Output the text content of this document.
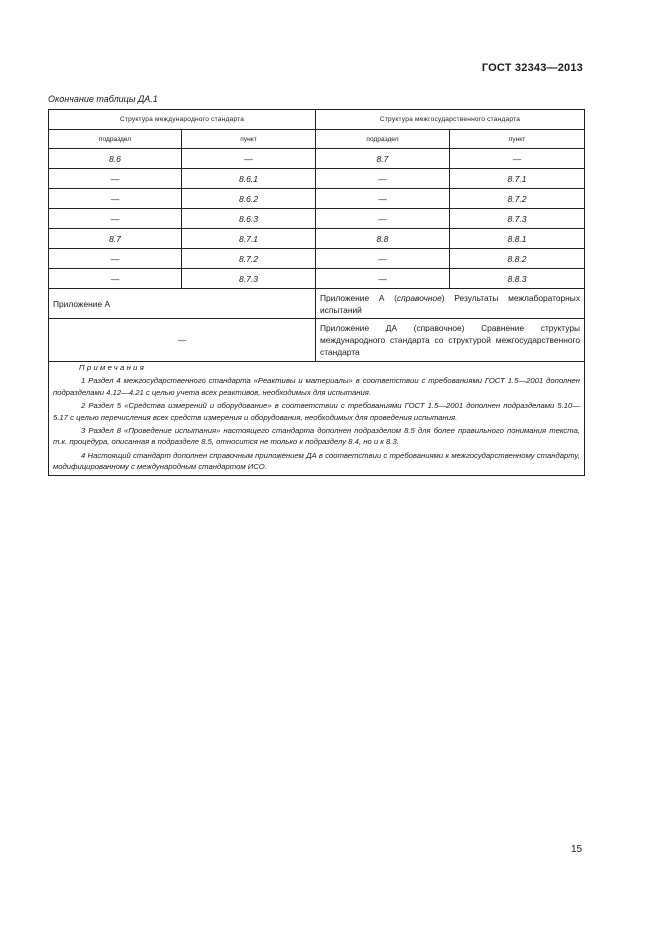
ГОСТ 32343—2013
Окончание таблицы ДА.1
Структура международного стандарта		Структура межгосударственного стандарта	
подраздел	пункт	подраздел	пункт
8.6	—	8.7	—
—	8.6.1	—	8.7.1
—	8.6.2	—	8.7.2
—	8.6.3	—	8.7.3
8.7	8.7.1	8.8	8.8.1
—	8.7.2	—	8.8.2
—	8.7.3	—	8.8.3
Приложение А		Приложение А (справочное) Результаты межлабораторных испытаний	
—		Приложение ДА (справочное) Сравнение структуры международного стандарта со структурой межгосударственного стандарта	

Примечания

1 Раздел 4 межгосударственного стандарта «Реактивы и материалы» в соответствии с требованиями ГОСТ 1.5—2001 дополнен подразделами 4.12—4.21 с целью учета всех реактивов, необходимых для испытания.

2 Раздел 5 «Средства измерений и оборудование» в соответствии с требованиями ГОСТ 1.5—2001 дополнен подразделами 5.10—5.17 с целью перечисления всех средств измерения и оборудования, необходимых для проведения испытания.

3 Раздел 8 «Проведение испытания» настоящего стандарта дополнен подразделом 8.5 для более правильного понимания текста, т.к. процедура, описанная в подразделе 8.5, относится не только к подразделу 8.4, но и к 8.3.

4 Настоящий стандарт дополнен справочным приложением ДА в соответствии с требованиями к межгосударственному стандарту, модифицированному с международным стандартом ИСО.			

15
